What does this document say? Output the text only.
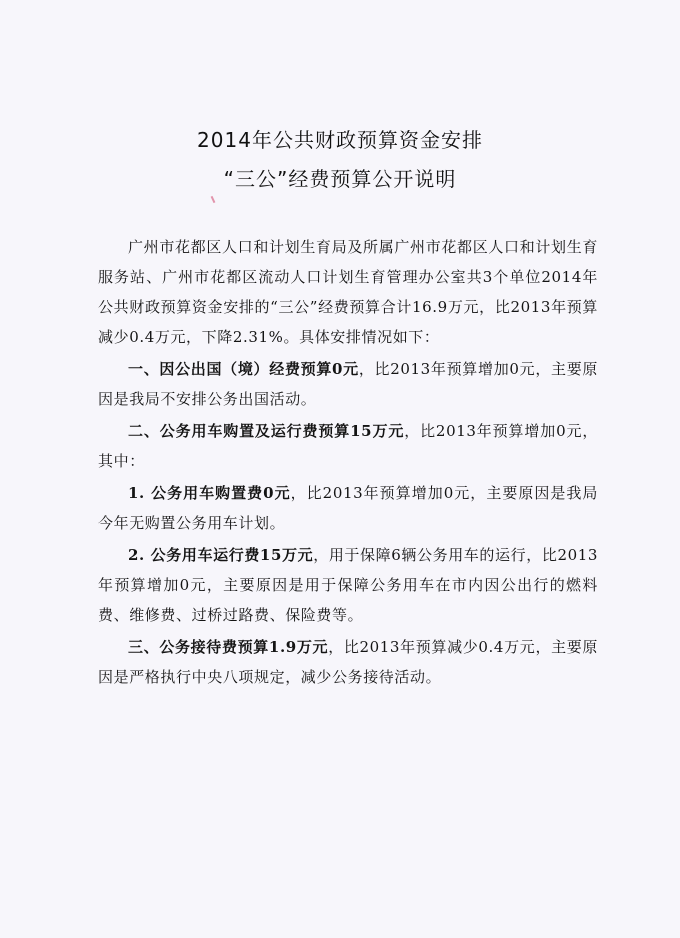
2014年公共财政预算资金安排
“三公”经费预算公开说明

广州市花都区人口和计划生育局及所属广州市花都区人口和计划生育服务站、广州市花都区流动人口计划生育管理办公室共3个单位2014年公共财政预算资金安排的“三公”经费预算合计16.9万元，比2013年预算减少0.4万元，下降2.31%。具体安排情况如下：

一、因公出国（境）经费预算0元，比2013年预算增加0元，主要原因是我局不安排公务出国活动。

二、公务用车购置及运行费预算15万元，比2013年预算增加0元，其中：

1. 公务用车购置费0元，比2013年预算增加0元，主要原因是我局今年无购置公务用车计划。

2. 公务用车运行费15万元，用于保障6辆公务用车的运行，比2013年预算增加0元，主要原因是用于保障公务用车在市内因公出行的燃料费、维修费、过桥过路费、保险费等。

三、公务接待费预算1.9万元，比2013年预算减少0.4万元，主要原因是严格执行中央八项规定，减少公务接待活动。
